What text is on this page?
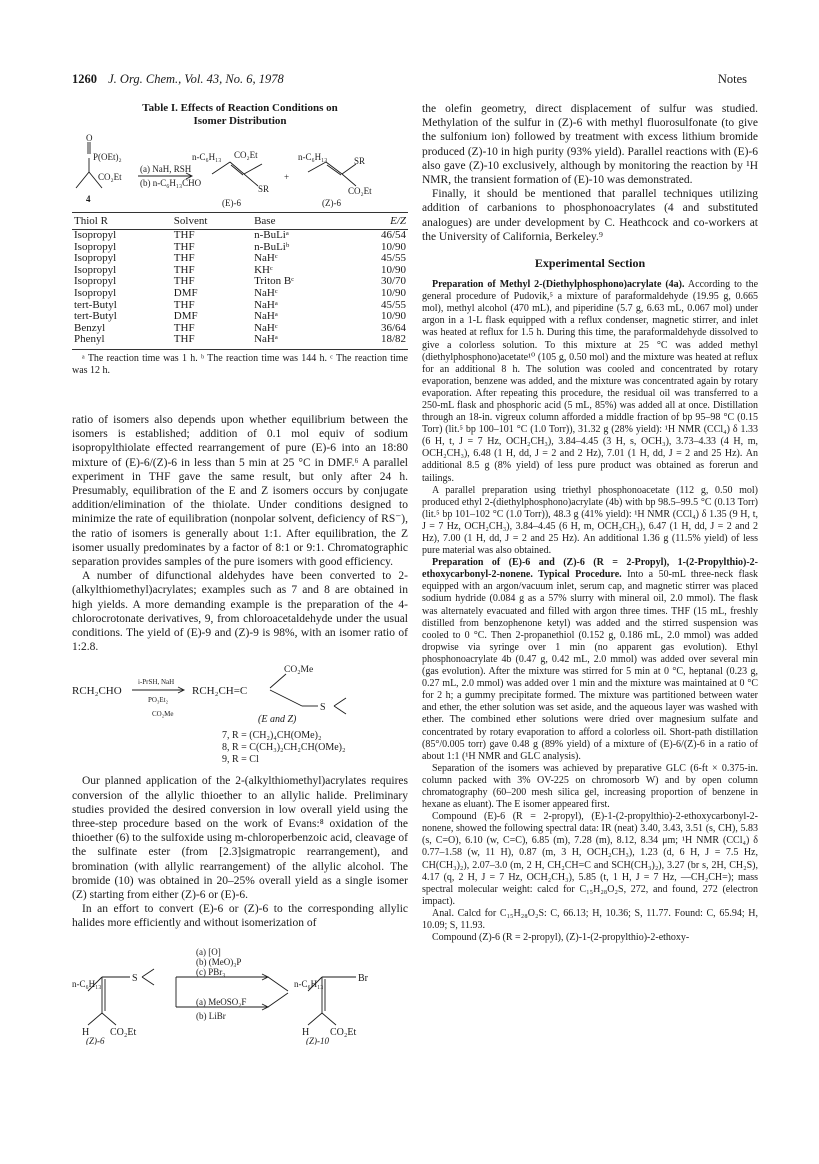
1260 J. Org. Chem., Vol. 43, No. 6, 1978	Notes
Table I. Effects of Reaction Conditions on
Isomer Distribution
O
P(OEt)₂
CO₂Et
4
(a) NaH, RSH
(b) n-C₆H₁₃CHO
n-C₆H₁₃ CO₂Et
SR
(E)-6
+
n-C₆H₁₃	SR
CO₂Et
(Z)-6
Thiol R	Solvent	Base	E/Z
Isopropyl	THF	n-BuLiᵃ	46/54
Isopropyl	THF	n-BuLiᵇ	10/90
Isopropyl	THF	NaHᶜ	45/55
Isopropyl	THF	KHᶜ	10/90
Isopropyl	THF	Triton Bᶜ	30/70
Isopropyl	DMF	NaHᶜ	10/90
tert-Butyl	THF	NaHᵃ	45/55
tert-Butyl	DMF	NaHᵃ	10/90
Benzyl	THF	NaHᶜ	36/64
Phenyl	THF	NaHᵃ	18/82
ᵃ The reaction time was 1 h. ᵇ The reaction time was 144 h. ᶜ The reaction time was 12 h.

ratio of isomers also depends upon whether equilibrium between the isomers is established; addition of 0.1 mol equiv of sodium isopropylthiolate effected rearrangement of pure (E)-6 into an 18:80 mixture of (E)-6/(Z)-6 in less than 5 min at 25 °C in DMF.⁶ A parallel experiment in THF gave the same result, but only after 24 h. Presumably, equilibration of the E and Z isomers occurs by conjugate addition/elimination of the thiolate. Under conditions designed to minimize the rate of equilibration (nonpolar solvent, deficiency of RS⁻), the ratio of isomers is generally about 1:1. After equilibration, the Z isomer usually predominates by a factor of 8:1 or 9:1. Chromatographic separation provides samples of the pure isomers with good efficiency.

A number of difunctional aldehydes have been converted to 2-(alkylthiomethyl)acrylates; examples such as 7 and 8 are obtained in high yields. A more demanding example is the preparation of the 4-chlorocrotonate derivatives, 9, from chloroacetaldehyde under the usual conditions. The yield of (E)-9 and (Z)-9 is 98%, with an isomer ratio of 1:2.8.

RCH₂CHO
i-PrSH, NaH
PO₃Et₂
CO₂Me
RCH₂CH=C
CO₂Me
S
(E and Z)
7, R = (CH₂)₄CH(OMe)₂
8, R = C(CH₃)₂CH₂CH(OMe)₂
9, R = Cl

Our planned application of the 2-(alkylthiomethyl)acrylates requires conversion of the allylic thioether to an allylic halide. Preliminary studies provided the desired conversion in low overall yield using the three-step procedure based on the work of Evans:⁸ oxidation of the thioether (6) to the sulfoxide using m-chloroperbenzoic acid, cleavage of the sulfinate ester (from [2.3]sigmatropic rearrangement), and bromination (with allylic rearrangement) of the allylic alcohol. The bromide (10) was obtained in 20–25% overall yield as a single isomer (Z) starting from either (Z)-6 or (E)-6.

In an effort to convert (E)-6 or (Z)-6 to the corresponding allylic halides more efficiently and without isomerization of

(a) [O]
(b) (MeO)₃P
(c) PBr₃
(a) MeOSO₂F
(b) LiBr
n-C₆H₁₃	S
H CO₂Et
(Z)-6
n-C₆H₁₃	Br
H CO₂Et
(Z)-10

the olefin geometry, direct displacement of sulfur was studied. Methylation of the sulfur in (Z)-6 with methyl fluorosulfonate (to give the sulfonium ion) followed by treatment with excess lithium bromide produced (Z)-10 in high purity (93% yield). Parallel reactions with (E)-6 also gave (Z)-10 exclusively, although by monitoring the reaction by ¹H NMR, the transient formation of (E)-10 was demonstrated.

Finally, it should be mentioned that parallel techniques utilizing addition of carbanions to phosphonoacrylates (4 and substituted analogues) are under development by C. Heathcock and co-workers at the University of California, Berkeley.⁹

Experimental Section

Preparation of Methyl 2-(Diethylphosphono)acrylate (4a). According to the general procedure of Pudovik,⁵ a mixture of paraformaldehyde (19.95 g, 0.665 mol), methyl alcohol (470 mL), and piperidine (5.7 g, 6.63 mL, 0.067 mol) under argon in a 1-L flask equipped with a reflux condenser, magnetic stirrer, and inlet was heated at reflux for 1.5 h. During this time, the paraformaldehyde dissolved to give a colorless solution. To this mixture at 25 °C was added methyl (diethylphosphono)acetate¹⁰ (105 g, 0.50 mol) and the mixture was heated at reflux for an additional 8 h. The solution was cooled and concentrated by rotary evaporation, benzene was added, and the mixture was concentrated again by rotary evaporation. After repeating this procedure, the residual oil was transferred to a 250-mL flask and phosphoric acid (5 mL, 85%) was added all at once. Distillation through an 18-in. vigreux column afforded a middle fraction of bp 95–98 °C (0.15 Torr) (lit.⁵ bp 100–101 °C (1.0 Torr)), 31.32 g (28% yield): ¹H NMR (CCl₄) δ 1.33 (6 H, t, J = 7 Hz, OCH₂CH₃), 3.84–4.45 (3 H, s, OCH₃), 3.73–4.33 (4 H, m, OCH₂CH₃), 6.48 (1 H, dd, J = 2 and 2 Hz), 7.01 (1 H, dd, J = 2 and 25 Hz). An additional 8.5 g (8% yield) of less pure product was obtained as forerun and tailings.

A parallel preparation using triethyl phosphonoacetate (112 g, 0.50 mol) produced ethyl 2-(diethylphosphono)acrylate (4b) with bp 98.5–99.5 °C (0.13 Torr) (lit.⁵ bp 101–102 °C (1.0 Torr)), 48.3 g (41% yield): ¹H NMR (CCl₄) δ 1.35 (9 H, t, J = 7 Hz, OCH₂CH₃), 3.84–4.45 (6 H, m, OCH₂CH₃), 6.47 (1 H, dd, J = 2 and 2 Hz), 7.00 (1 H, dd, J = 2 and 25 Hz). An additional 1.36 g (11.5% yield) of less pure material was also obtained.

Preparation of (E)-6 and (Z)-6 (R = 2-Propyl), 1-(2-Propylthio)-2-ethoxycarbonyl-2-nonene. Typical Procedure. Into a 50-mL three-neck flask equipped with an argon/vacuum inlet, serum cap, and magnetic stirrer was placed sodium hydride (0.084 g as a 57% slurry with mineral oil, 2.0 mmol). The flask was alternately evacuated and filled with argon three times. THF (15 mL, freshly distilled from benzophenone ketyl) was added and the stirred suspension was cooled to 0 °C. Then 2-propanethiol (0.152 g, 0.186 mL, 2.0 mmol) was added dropwise via syringe over 1 min (no apparent gas evolution). Ethyl phosphonoacrylate 4b (0.47 g, 0.42 mL, 2.0 mmol) was added over several min (gas evolution). After the mixture was stirred for 5 min at 0 °C, heptanal (0.23 g, 0.27 mL, 2.0 mmol) was added over 1 min and the mixture was maintained at 0 °C for 2 h; a gummy precipitate formed. The mixture was partitioned between water and ether, the ether solution was set aside, and the aqueous layer was washed with ether. The combined ether solutions were dried over magnesium sulfate and concentrated by rotary evaporation to afford a colorless oil. Short-path distillation (85°/0.005 torr) gave 0.48 g (89% yield) of a mixture of (E)-6/(Z)-6 in a ratio of about 1:1 (¹H NMR and GLC analysis).

Separation of the isomers was achieved by preparative GLC (6-ft × 0.375-in. column packed with 3% OV-225 on chromosorb W) and by open column chromatography (60–200 mesh silica gel, increasing proportion of benzene in hexane as eluant). The E isomer appeared first.

Compound (E)-6 (R = 2-propyl), (E)-1-(2-propylthio)-2-ethoxycarbonyl-2-nonene, showed the following spectral data: IR (neat) 3.40, 3.43, 3.51 (s, CH), 5.83 (s, C=O), 6.10 (w, C=C), 6.85 (m), 7.28 (m), 8.12, 8.34 μm; ¹H NMR (CCl₄) δ 0.77–1.58 (w, 11 H), 0.87 (m, 3 H, OCH₂CH₃), 1.23 (d, 6 H, J = 7.5 Hz, CH(CH₃)₂), 2.07–3.0 (m, 2 H, CH₂CH=C and SCH(CH₃)₂), 3.27 (br s, 2H, CH₂S), 4.17 (q, 2 H, J = 7 Hz, OCH₂CH₃), 5.85 (t, 1 H, J = 7 Hz, —CH₂CH=); mass spectral molecular weight: calcd for C₁₅H₂₈O₂S, 272, and found, 272 (electron impact).

Anal. Calcd for C₁₅H₂₈O₂S: C, 66.13; H, 10.36; S, 11.77. Found: C, 65.94; H, 10.09; S, 11.93.

Compound (Z)-6 (R = 2-propyl), (Z)-1-(2-propylthio)-2-ethoxy-
